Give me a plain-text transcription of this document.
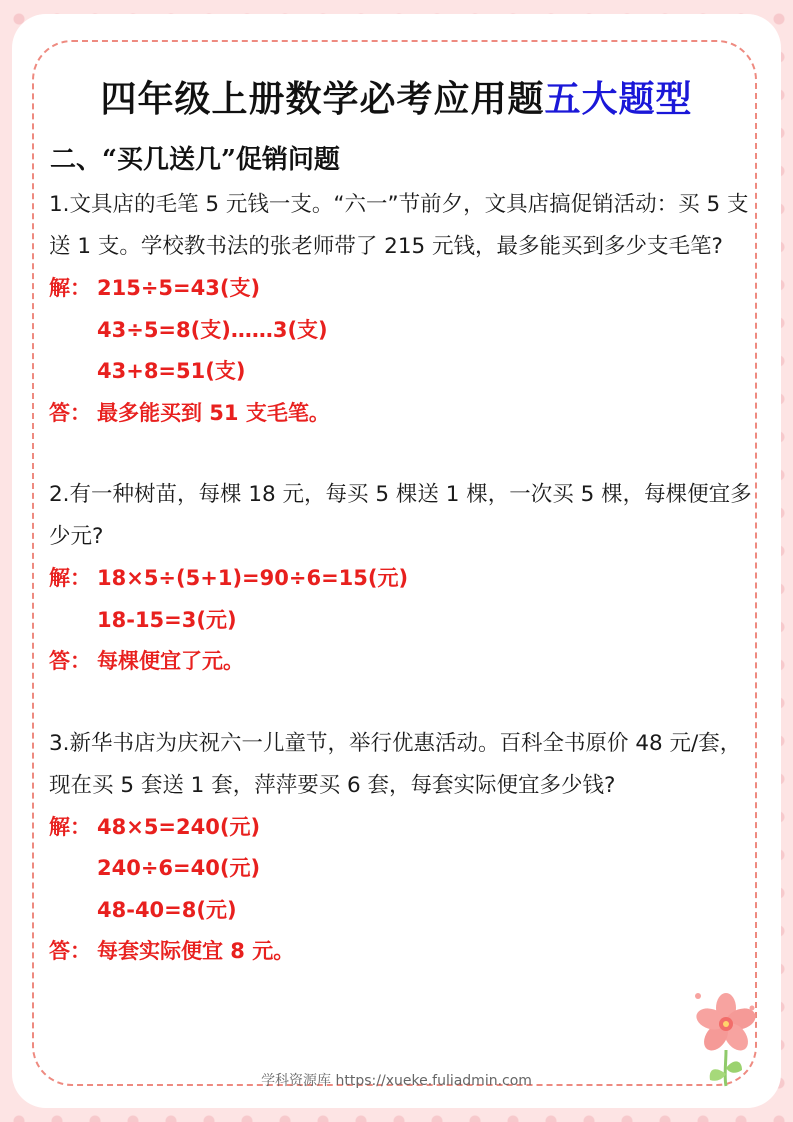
四年级上册数学必考应用题五大题型
二、“买几送几”促销问题
1.文具店的毛笔 5 元钱一支。“六一”节前夕，文具店搞促销活动：买 5 支送 1 支。学校教书法的张老师带了 215 元钱，最多能买到多少支毛笔?
解： 215÷5=43(支)
43÷5=8(支)……3(支)
43+8=51(支)
答： 最多能买到 51 支毛笔。
2.有一种树苗，每棵 18 元，每买 5 棵送 1 棵，一次买 5 棵，每棵便宜多少元?
解： 18×5÷(5+1)=90÷6=15(元)
18-15=3(元)
答： 每棵便宜了元。
3.新华书店为庆祝六一儿童节，举行优惠活动。百科全书原价 48 元/套，现在买 5 套送 1 套，萍萍要买 6 套，每套实际便宜多少钱?
解： 48×5=240(元)
240÷6=40(元)
48-40=8(元)
答： 每套实际便宜 8 元。
学科资源库 https://xueke.fuliadmin.com
